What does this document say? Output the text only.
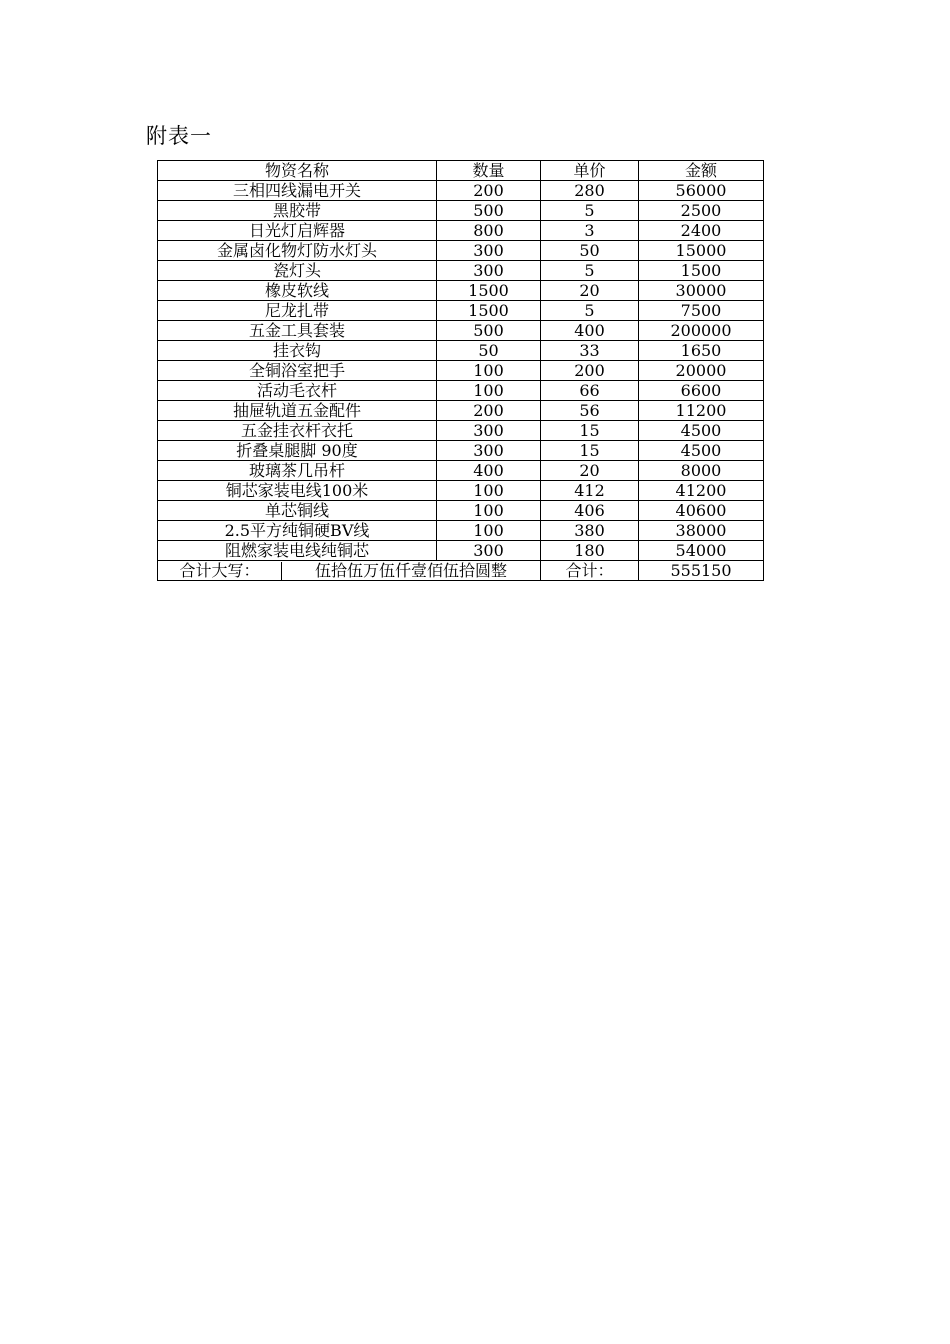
附表一
物资名称	数量	单价	金额
三相四线漏电开关	200	280	56000
黑胶带	500	5	2500
日光灯启辉器	800	3	2400
金属卤化物灯防水灯头	300	50	15000
瓷灯头	300	5	1500
橡皮软线	1500	20	30000
尼龙扎带	1500	5	7500
五金工具套装	500	400	200000
挂衣钩	50	33	1650
全铜浴室把手	100	200	20000
活动毛衣杆	100	66	6600
抽屉轨道五金配件	200	56	11200
五金挂衣杆衣托	300	15	4500
折叠桌腿脚 90度	300	15	4500
玻璃茶几吊杆	400	20	8000
铜芯家装电线100米	100	412	41200
单芯铜线	100	406	40600
2.5平方纯铜硬BV线	100	380	38000
阻燃家装电线纯铜芯	300	180	54000

合计大写： 伍拾伍万伍仟壹佰伍拾圆整		合计：	555150
